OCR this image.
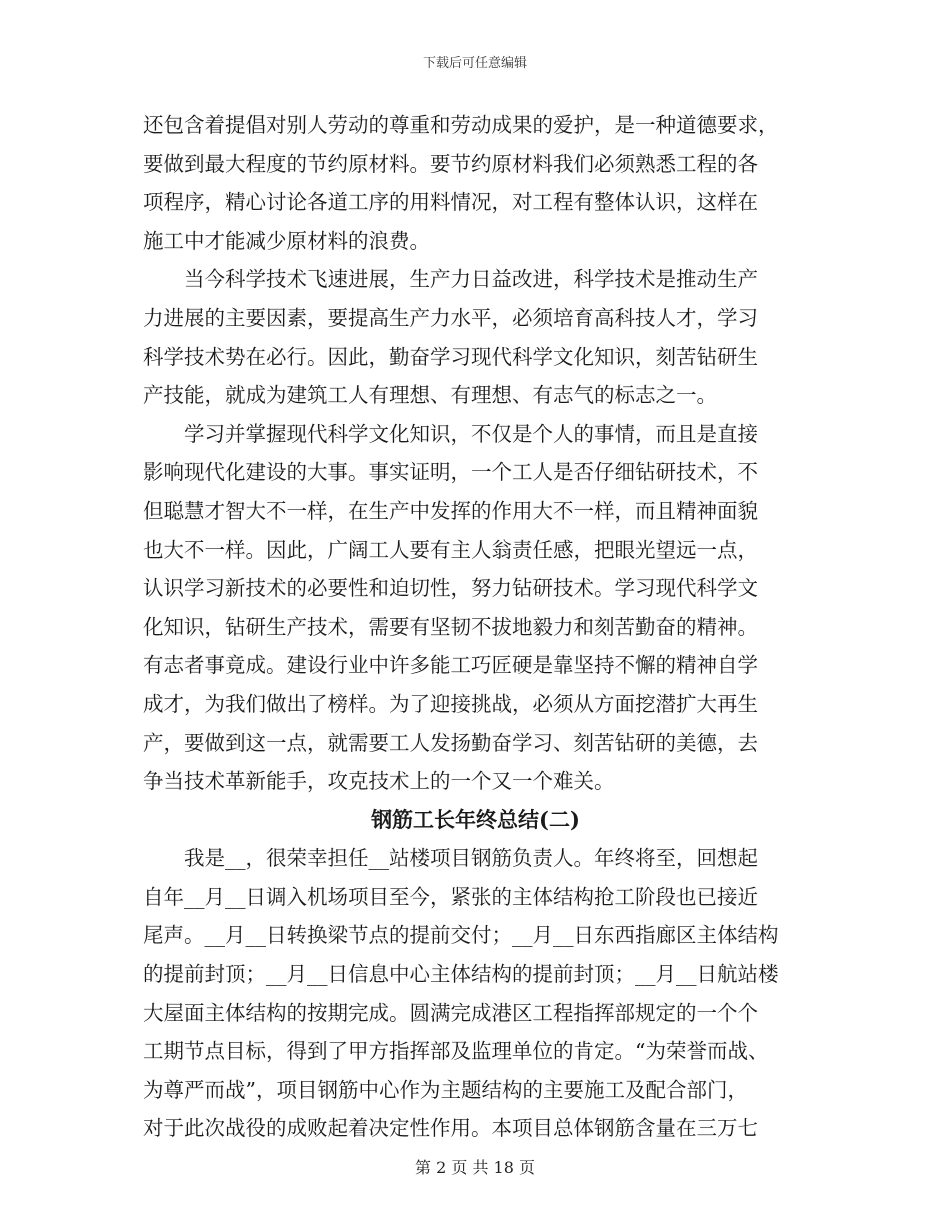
下载后可任意编辑
还包含着提倡对别人劳动的尊重和劳动成果的爱护，是一种道德要求，
要做到最大程度的节约原材料。要节约原材料我们必须熟悉工程的各
项程序，精心讨论各道工序的用料情况，对工程有整体认识，这样在
施工中才能减少原材料的浪费。
当今科学技术飞速进展，生产力日益改进，科学技术是推动生产
力进展的主要因素，要提高生产力水平，必须培育高科技人才，学习
科学技术势在必行。因此，勤奋学习现代科学文化知识，刻苦钻研生
产技能，就成为建筑工人有理想、有理想、有志气的标志之一。
学习并掌握现代科学文化知识，不仅是个人的事情，而且是直接
影响现代化建设的大事。事实证明，一个工人是否仔细钻研技术，不
但聪慧才智大不一样，在生产中发挥的作用大不一样，而且精神面貌
也大不一样。因此，广阔工人要有主人翁责任感，把眼光望远一点，
认识学习新技术的必要性和迫切性，努力钻研技术。学习现代科学文
化知识，钻研生产技术，需要有坚韧不拔地毅力和刻苦勤奋的精神。
有志者事竟成。建设行业中许多能工巧匠硬是靠坚持不懈的精神自学
成才，为我们做出了榜样。为了迎接挑战，必须从方面挖潜扩大再生
产，要做到这一点，就需要工人发扬勤奋学习、刻苦钻研的美德，去
争当技术革新能手，攻克技术上的一个又一个难关。
钢筋工长年终总结(二)
我是__，很荣幸担任__站楼项目钢筋负责人。年终将至，回想起
自年__月__日调入机场项目至今，紧张的主体结构抢工阶段也已接近
尾声。__月__日转换梁节点的提前交付；__月__日东西指廊区主体结构
的提前封顶；__月__日信息中心主体结构的提前封顶；__月__日航站楼
大屋面主体结构的按期完成。圆满完成港区工程指挥部规定的一个个
工期节点目标，得到了甲方指挥部及监理单位的肯定。“为荣誉而战、
为尊严而战”，项目钢筋中心作为主题结构的主要施工及配合部门，
对于此次战役的成败起着决定性作用。本项目总体钢筋含量在三万七
第 2 页 共 18 页
